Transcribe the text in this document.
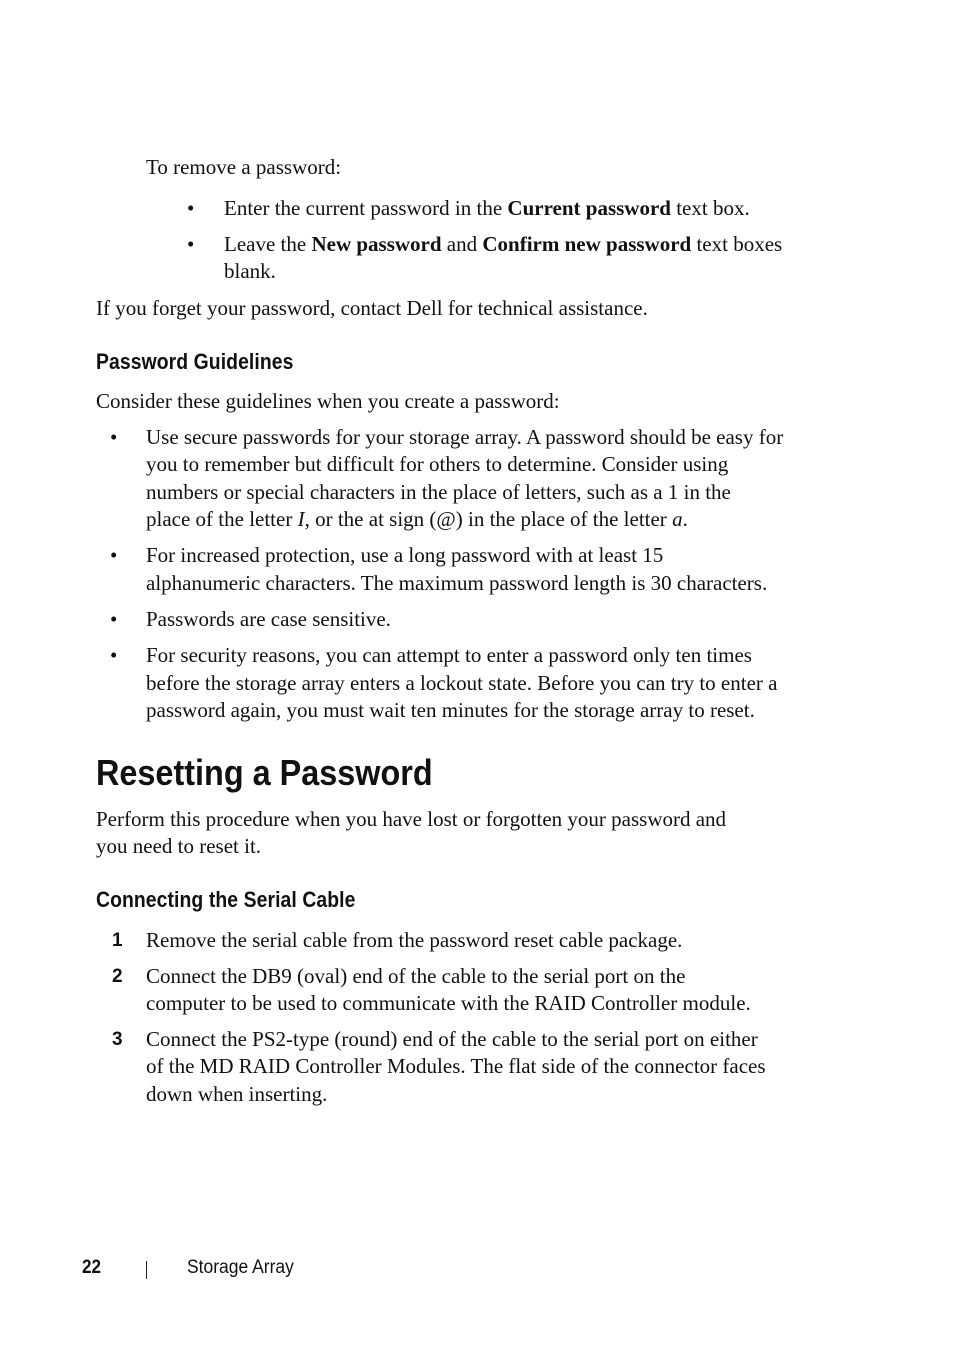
To remove a password:

• Enter the current password in the Current password text box.

• Leave the New password and Confirm new password text boxes

blank.

If you forget your password, contact Dell for technical assistance.

Password Guidelines

Consider these guidelines when you create a password:

• Use secure passwords for your storage array. A password should be easy for

you to remember but difficult for others to determine. Consider using

numbers or special characters in the place of letters, such as a 1 in the

place of the letter I, or the at sign (@) in the place of the letter a.

• For increased protection, use a long password with at least 15

alphanumeric characters. The maximum password length is 30 characters.

• Passwords are case sensitive.

• For security reasons, you can attempt to enter a password only ten times

before the storage array enters a lockout state. Before you can try to enter a

password again, you must wait ten minutes for the storage array to reset.

Resetting a Password

Perform this procedure when you have lost or forgotten your password and

you need to reset it.

Connecting the Serial Cable
1 Remove the serial cable from the password reset cable package.

2 Connect the DB9 (oval) end of the cable to the serial port on the

computer to be used to communicate with the RAID Controller module.

3 Connect the PS2-type (round) end of the cable to the serial port on either

of the MD RAID Controller Modules. The flat side of the connector faces

down when inserting.

22	Storage Array
